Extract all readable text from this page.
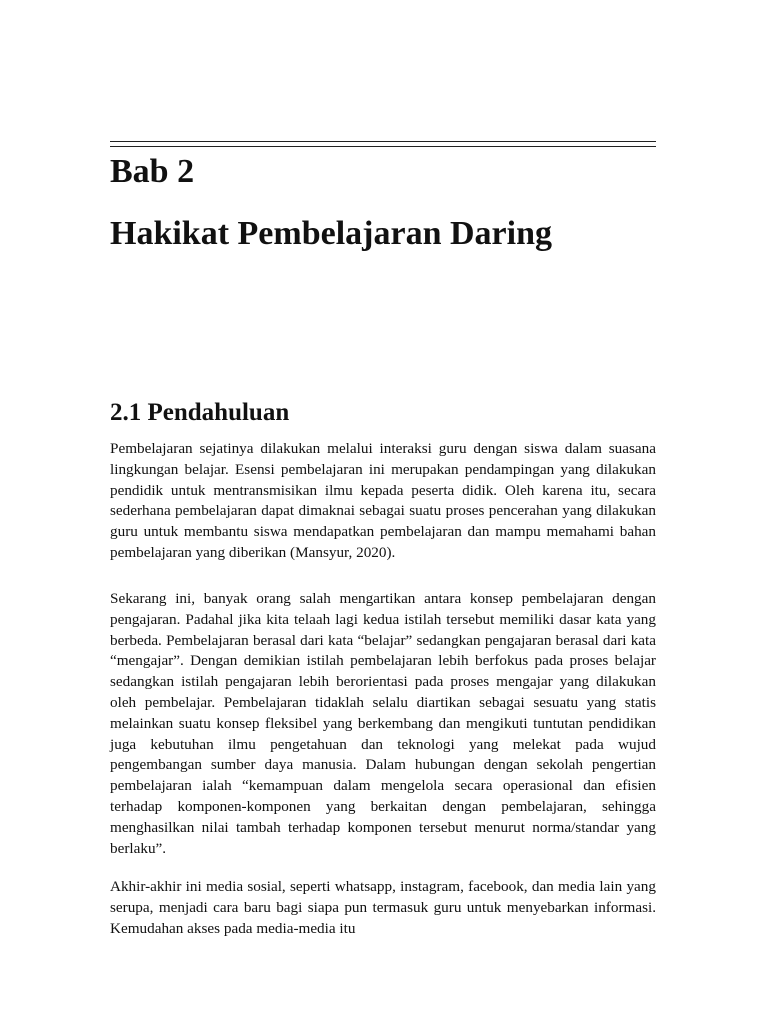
Bab 2
Hakikat Pembelajaran Daring
2.1 Pendahuluan

Pembelajaran sejatinya dilakukan melalui interaksi guru dengan siswa dalam suasana lingkungan belajar. Esensi pembelajaran ini merupakan pendampingan yang dilakukan pendidik untuk mentransmisikan ilmu kepada peserta didik. Oleh karena itu, secara sederhana pembelajaran dapat dimaknai sebagai suatu proses pencerahan yang dilakukan guru untuk membantu siswa mendapatkan pembelajaran dan mampu memahami bahan pembelajaran yang diberikan (Mansyur, 2020).

Sekarang ini, banyak orang salah mengartikan antara konsep pembelajaran dengan pengajaran. Padahal jika kita telaah lagi kedua istilah tersebut memiliki dasar kata yang berbeda. Pembelajaran berasal dari kata “belajar” sedangkan pengajaran berasal dari kata “mengajar”. Dengan demikian istilah pembelajaran lebih berfokus pada proses belajar sedangkan istilah pengajaran lebih berorientasi pada proses mengajar yang dilakukan oleh pembelajar. Pembelajaran tidaklah selalu diartikan sebagai sesuatu yang statis melainkan suatu konsep fleksibel yang berkembang dan mengikuti tuntutan pendidikan juga kebutuhan ilmu pengetahuan dan teknologi yang melekat pada wujud pengembangan sumber daya manusia. Dalam hubungan dengan sekolah pengertian pembelajaran ialah “kemampuan dalam mengelola secara operasional dan efisien terhadap komponen-komponen yang berkaitan dengan pembelajaran, sehingga menghasilkan nilai tambah terhadap komponen tersebut menurut norma/standar yang berlaku”.

Akhir-akhir ini media sosial, seperti whatsapp, instagram, facebook, dan media lain yang serupa, menjadi cara baru bagi siapa pun termasuk guru untuk menyebarkan informasi. Kemudahan akses pada media-media itu
